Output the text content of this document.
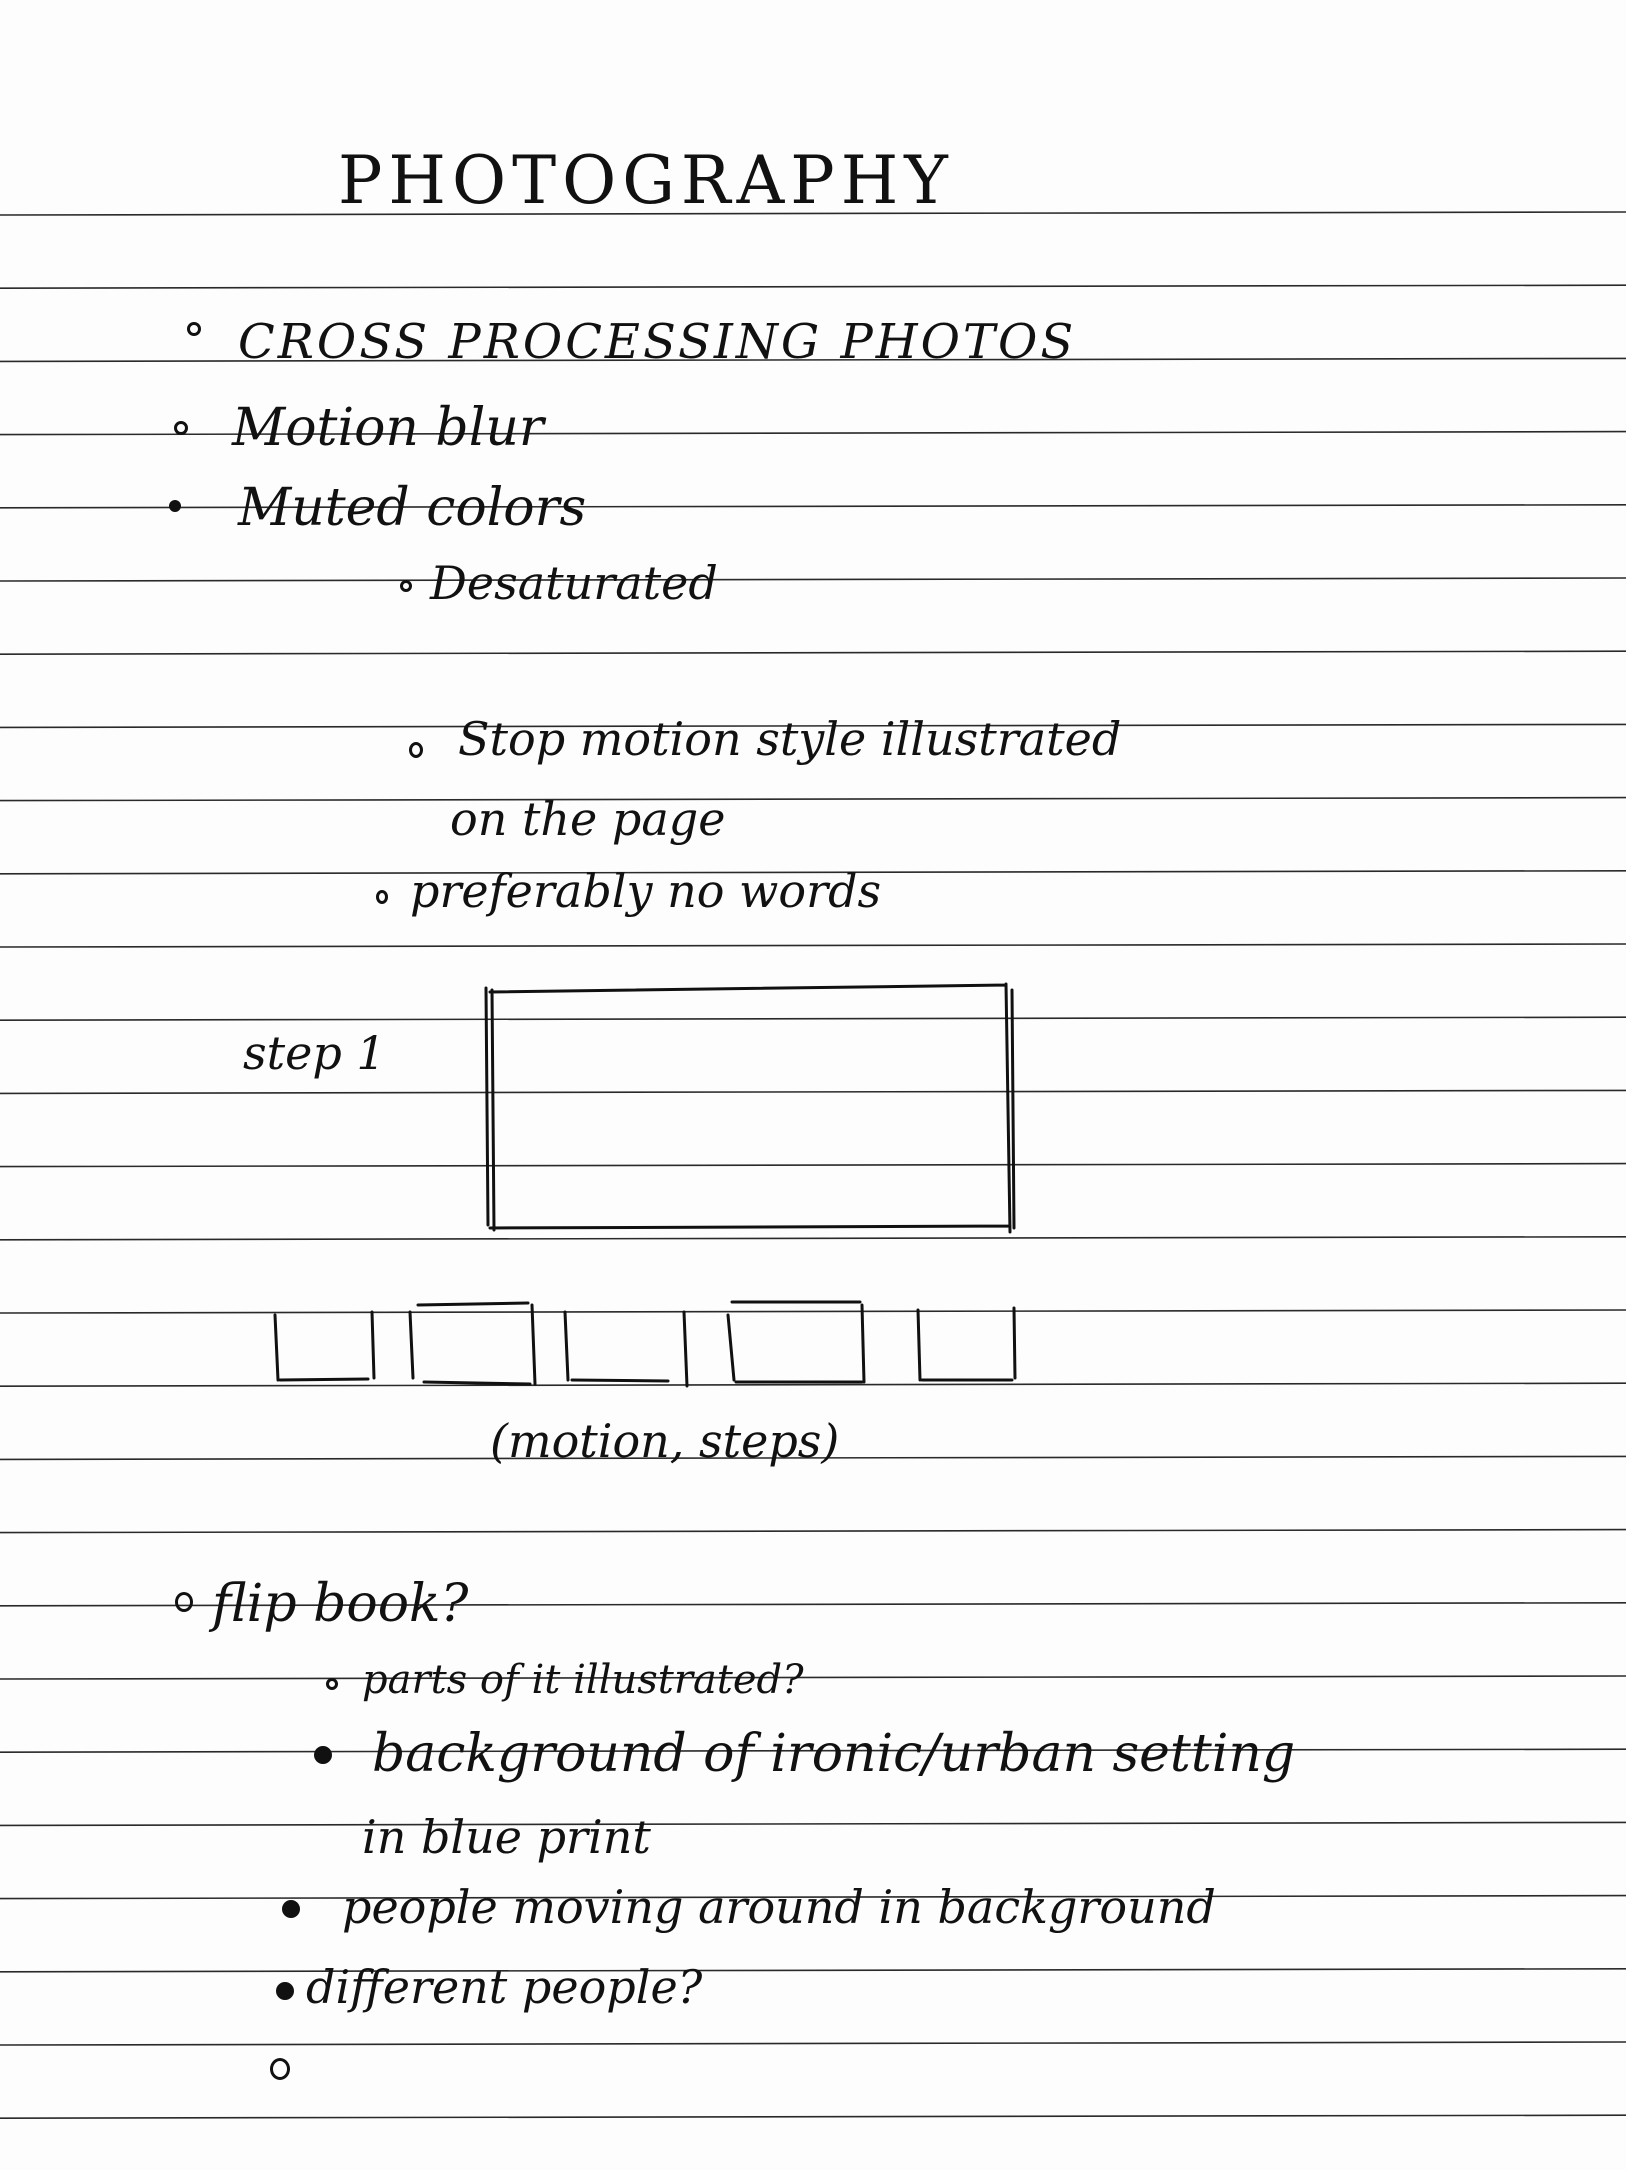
PHOTOGRAPHY
CROSS PROCESSING PHOTOS
Motion blur
Muted colors
Desaturated
Stop motion style illustrated
on the page
preferably no words
step 1
(motion, steps)
flip book?
parts of it illustrated?
background of ironic/urban setting
in blue print
people moving around in background
different people?
